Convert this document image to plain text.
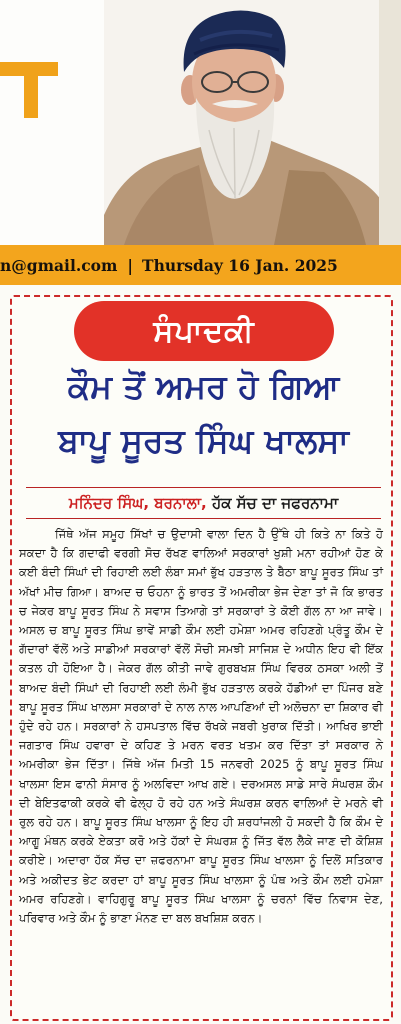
n@gmail.com | Thursday 16 Jan. 2025
ਸੰਪਾਦਕੀ
ਕੌਮ ਤੋਂ ਅਮਰ ਹੋ ਗਿਆ
ਬਾਪੂ ਸੂਰਤ ਸਿੰਘ ਖਾਲਸਾ
ਮਨਿੰਦਰ ਸਿੰਘ, ਬਰਨਾਲਾ, ਹੱਕ ਸੱਚ ਦਾ ਜਫਰਨਾਮਾ

ਜਿੱਥੇ ਅੱਜ ਸਮੂਹ ਸਿੱਖਾਂ ਚ ਉਦਾਸੀ ਵਾਲਾ ਦਿਨ ਹੈ ਉੱਥੇ ਹੀ ਕਿਤੇ ਨਾ ਕਿਤੇ ਹੋ ਸਕਦਾ ਹੈ ਕਿ ਗਦਾਫੀ ਵਰਗੀ ਸੋਚ ਰੱਖਣ ਵਾਲਿਆਂ ਸਰਕਾਰਾਂ ਖੁਸ਼ੀ ਮਨਾ ਰਹੀਆਂ ਹੋਣ ਕੇ ਕਈ ਬੰਦੀ ਸਿੰਘਾਂ ਦੀ ਰਿਹਾਈ ਲਈ ਲੰਬਾ ਸਮਾਂ ਭੁੱਖ ਹੜਤਾਲ ਤੇ ਬੈਠਾ ਬਾਪੂ ਸੂਰਤ ਸਿੰਘ ਤਾਂ ਅੱਖਾਂ ਮੀਚ ਗਿਆ। ਬਾਅਦ ਚ ਓਹਨਾ ਨੂੰ ਭਾਰਤ ਤੋਂ ਅਮਰੀਕਾ ਭੇਜ ਦੇਣਾ ਤਾਂ ਜੋ ਕਿ ਭਾਰਤ ਚ ਜੇਕਰ ਬਾਪੂ ਸੂਰਤ ਸਿੰਘ ਨੇ ਸਵਾਸ ਤਿਆਗੇ ਤਾਂ ਸਰਕਾਰਾਂ ਤੇ ਕੋਈ ਗੱਲ ਨਾ ਆ ਜਾਵੇ। ਅਸਲ ਚ ਬਾਪੂ ਸੂਰਤ ਸਿੰਘ ਭਾਵੇਂ ਸਾਡੀ ਕੌਮ ਲਈ ਹਮੇਸ਼ਾ ਅਮਰ ਰਹਿਣਗੇ ਪ੍ਰੰਤੂ ਕੌਮ ਦੇ ਗੱਦਾਰਾਂ ਵੱਲੋਂ ਅਤੇ ਸਾਡੀਆਂ ਸਰਕਾਰਾਂ ਵੱਲੋਂ ਸੋਚੀ ਸਮਝੀ ਸਾਜਿਸ਼ ਦੇ ਅਧੀਨ ਇਹ ਵੀ ਇੱਕ ਕਤਲ ਹੀ ਹੋਇਆ ਹੈ। ਜੇਕਰ ਗੱਲ ਕੀਤੀ ਜਾਵੇ ਗੁਰਬਖਸ਼ ਸਿੰਘ ਵਿਰਕ ਠਸਕਾ ਅਲੀ ਤੋਂ ਬਾਅਦ ਬੰਦੀ ਸਿੰਘਾਂ ਦੀ ਰਿਹਾਈ ਲਈ ਲੰਮੀ ਭੁੱਖ ਹੜਤਾਲ ਕਰਕੇ ਹੱਡੀਆਂ ਦਾ ਪਿੰਜਰ ਬਣੇ ਬਾਪੂ ਸੂਰਤ ਸਿੰਘ ਖਾਲਸਾ ਸਰਕਾਰਾਂ ਦੇ ਨਾਲ ਨਾਲ ਆਪਣਿਆਂ ਦੀ ਅਲੋਚਨਾ ਦਾ ਸ਼ਿਕਾਰ ਵੀ ਹੁੰਦੇ ਰਹੇ ਹਨ। ਸਰਕਾਰਾਂ ਨੇ ਹਸਪਤਾਲ ਵਿੱਚ ਰੱਖਕੇ ਜਬਰੀ ਖੁਰਾਕ ਦਿੱਤੀ। ਆਖਿਰ ਭਾਈ ਜਗਤਾਰ ਸਿੰਘ ਹਵਾਰਾ ਦੇ ਕਹਿਣ ਤੇ ਮਰਨ ਵਰਤ ਖਤਮ ਕਰ ਦਿੱਤਾ ਤਾਂ ਸਰਕਾਰ ਨੇ ਅਮਰੀਕਾ ਭੇਜ ਦਿੱਤਾ। ਜਿੱਥੇ ਅੱਜ ਮਿਤੀ 15 ਜਨਵਰੀ 2025 ਨੂੰ ਬਾਪੂ ਸੂਰਤ ਸਿੰਘ ਖਾਲਸਾ ਇਸ ਫਾਨੀ ਸੰਸਾਰ ਨੂੰ ਅਲਵਿਦਾ ਆਖ ਗਏ। ਦਰਅਸਲ ਸਾਡੇ ਸਾਰੇ ਸੰਘਰਸ਼ ਕੌਮ ਦੀ ਬੇਇਤਫਾਕੀ ਕਰਕੇ ਵੀ ਫੇਲ੍ਹ ਹੋ ਰਹੇ ਹਨ ਅਤੇ ਸੰਘਰਸ਼ ਕਰਨ ਵਾਲਿਆਂ ਦੇ ਮਰਨੇ ਵੀ ਰੁਲ ਰਹੇ ਹਨ। ਬਾਪੂ ਸੂਰਤ ਸਿੰਘ ਖਾਲਸਾ ਨੂੰ ਇਹ ਹੀ ਸ਼ਰਧਾਂਜਲੀ ਹੋ ਸਕਦੀ ਹੈ ਕਿ ਕੌਮ ਦੇ ਆਗੂ ਮੰਥਨ ਕਰਕੇ ਏਕਤਾ ਕਰੋ ਅਤੇ ਹੱਕਾਂ ਦੇ ਸੰਘਰਸ਼ ਨੂੰ ਜਿੱਤ ਵੱਲ ਲੈਕੇ ਜਾਣ ਦੀ ਕੋਸ਼ਿਸ਼ ਕਰੀਏ। ਅਦਾਰਾ ਹੱਕ ਸੱਚ ਦਾ ਜ਼ਫਰਨਾਮਾ ਬਾਪੂ ਸੂਰਤ ਸਿੰਘ ਖਾਲਸਾ ਨੂੰ ਦਿਲੋਂ ਸਤਿਕਾਰ ਅਤੇ ਅਕੀਦਤ ਭੇਟ ਕਰਦਾ ਹਾਂ ਬਾਪੂ ਸੂਰਤ ਸਿੰਘ ਖਾਲਸਾ ਨੂੰ ਪੰਥ ਅਤੇ ਕੌਮ ਲਈ ਹਮੇਸ਼ਾ ਅਮਰ ਰਹਿਣਗੇ। ਵਾਹਿਗੁਰੂ ਬਾਪੂ ਸੂਰਤ ਸਿੰਘ ਖਾਲਸਾ ਨੂੰ ਚਰਨਾਂ ਵਿੱਚ ਨਿਵਾਸ ਦੇਣ, ਪਰਿਵਾਰ ਅਤੇ ਕੌਮ ਨੂੰ ਭਾਣਾ ਮੰਨਣ ਦਾ ਬਲ ਬਖਸ਼ਿਸ਼ ਕਰਨ।
